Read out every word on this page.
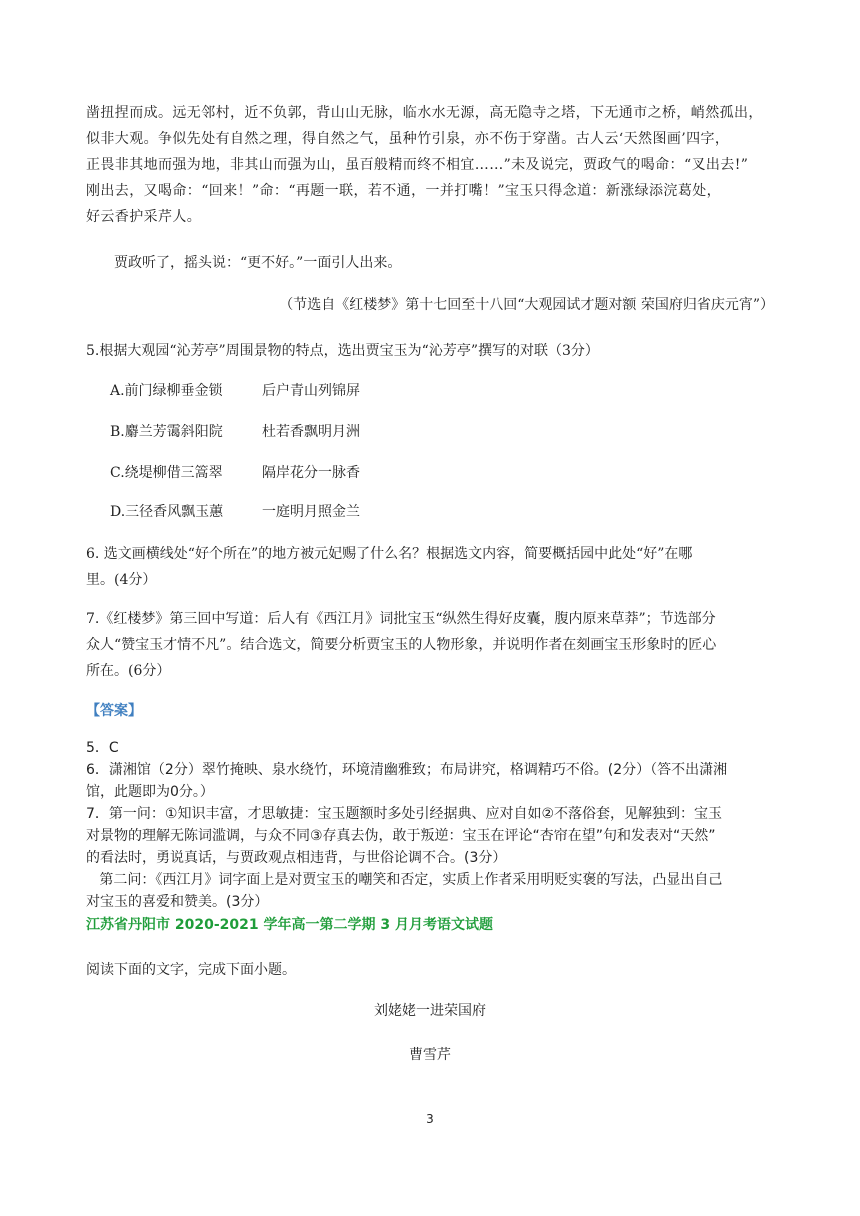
凿扭捏而成。远无邻村，近不负郭，背山山无脉，临水水无源，高无隐寺之塔，下无通市之桥，峭然孤出，
似非大观。争似先处有自然之理，得自然之气，虽种竹引泉，亦不伤于穿凿。古人云‘天然图画’四字，
正畏非其地而强为地，非其山而强为山，虽百般精而终不相宜……”未及说完，贾政气的喝命：“叉出去!”
刚出去，又喝命：“回来！”命：“再题一联，若不通，一并打嘴！”宝玉只得念道：新涨绿添浣葛处，
好云香护采芹人。

贾政听了，摇头说：“更不好。”一面引人出来。

（节选自《红楼梦》第十七回至十八回“大观园试才题对额 荣国府归省庆元宵”）
5.根据大观园“沁芳亭”周围景物的特点，选出贾宝玉为“沁芳亭”撰写的对联（3分）
A.前门绿柳垂金锁	后户青山列锦屏
B.麝兰芳霭斜阳院	杜若香飘明月洲
C.绕堤柳借三篙翠	隔岸花分一脉香
D.三径香风飘玉蕙	一庭明月照金兰
6. 选文画横线处“好个所在”的地方被元妃赐了什么名？根据选文内容，简要概括园中此处“好”在哪
里。(4分）
7.《红楼梦》第三回中写道：后人有《西江月》词批宝玉“纵然生得好皮囊，腹内原来草莽”；节选部分
众人“赞宝玉才情不凡”。结合选文，简要分析贾宝玉的人物形象，并说明作者在刻画宝玉形象时的匠心
所在。(6分）
【答案】
5．C
6．潇湘馆（2分）翠竹掩映、泉水绕竹，环境清幽雅致；布局讲究，格调精巧不俗。(2分）（答不出潇湘
馆，此题即为0分。）
7．第一问：①知识丰富，才思敏捷：宝玉题额时多处引经据典、应对自如②不落俗套，见解独到：宝玉
对景物的理解无陈词滥调，与众不同③存真去伪，敢于叛逆：宝玉在评论“杏帘在望”句和发表对“天然”
的看法时，勇说真话，与贾政观点相违背，与世俗论调不合。(3分）
第二问：《西江月》词字面上是对贾宝玉的嘲笑和否定，实质上作者采用明贬实褒的写法，凸显出自己
对宝玉的喜爱和赞美。(3分）
江苏省丹阳市 2020-2021 学年高一第二学期 3 月月考语文试题
阅读下面的文字，完成下面小题。
刘姥姥一进荣国府
曹雪芹
3
